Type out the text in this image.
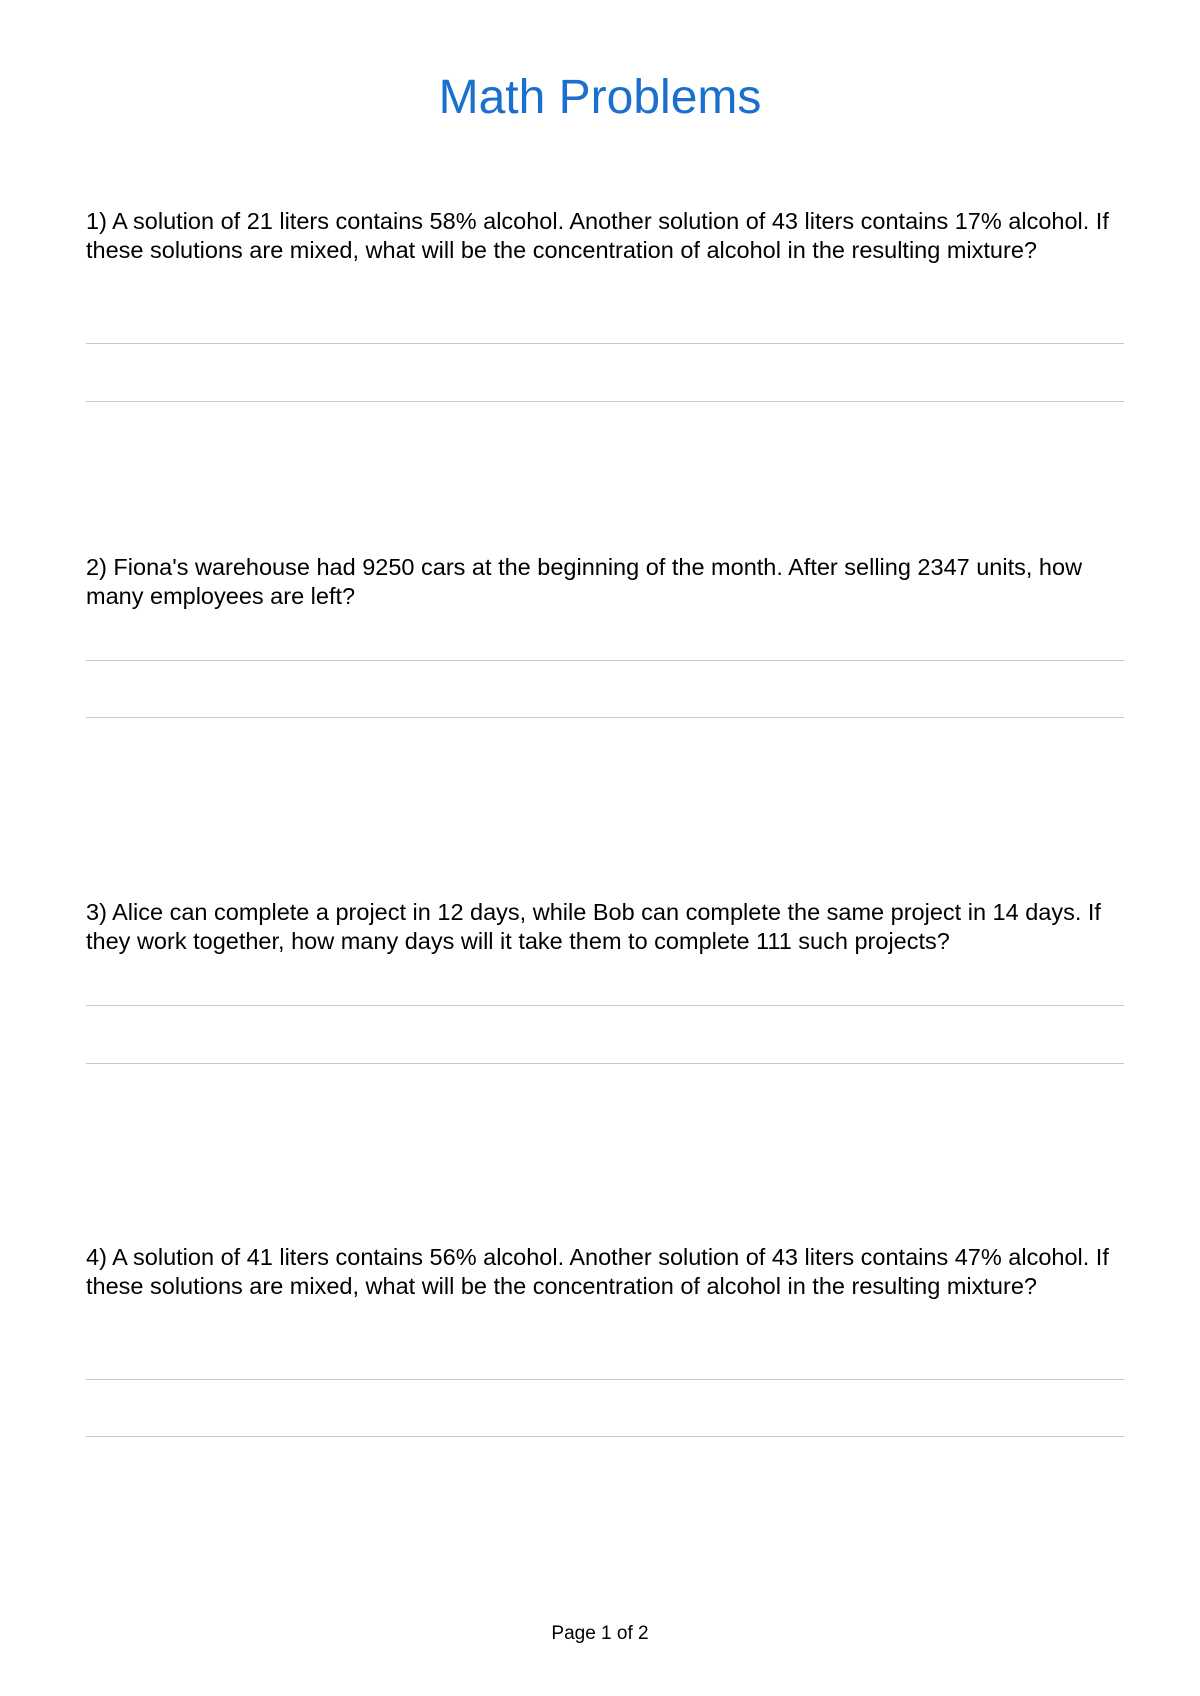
Math Problems

1) A solution of 21 liters contains 58% alcohol. Another solution of 43 liters contains 17% alcohol. If these solutions are mixed, what will be the concentration of alcohol in the resulting mixture?

2) Fiona's warehouse had 9250 cars at the beginning of the month. After selling 2347 units, how many employees are left?

3) Alice can complete a project in 12 days, while Bob can complete the same project in 14 days. If they work together, how many days will it take them to complete 111 such projects?

4) A solution of 41 liters contains 56% alcohol. Another solution of 43 liters contains 47% alcohol. If these solutions are mixed, what will be the concentration of alcohol in the resulting mixture?

Page 1 of 2
